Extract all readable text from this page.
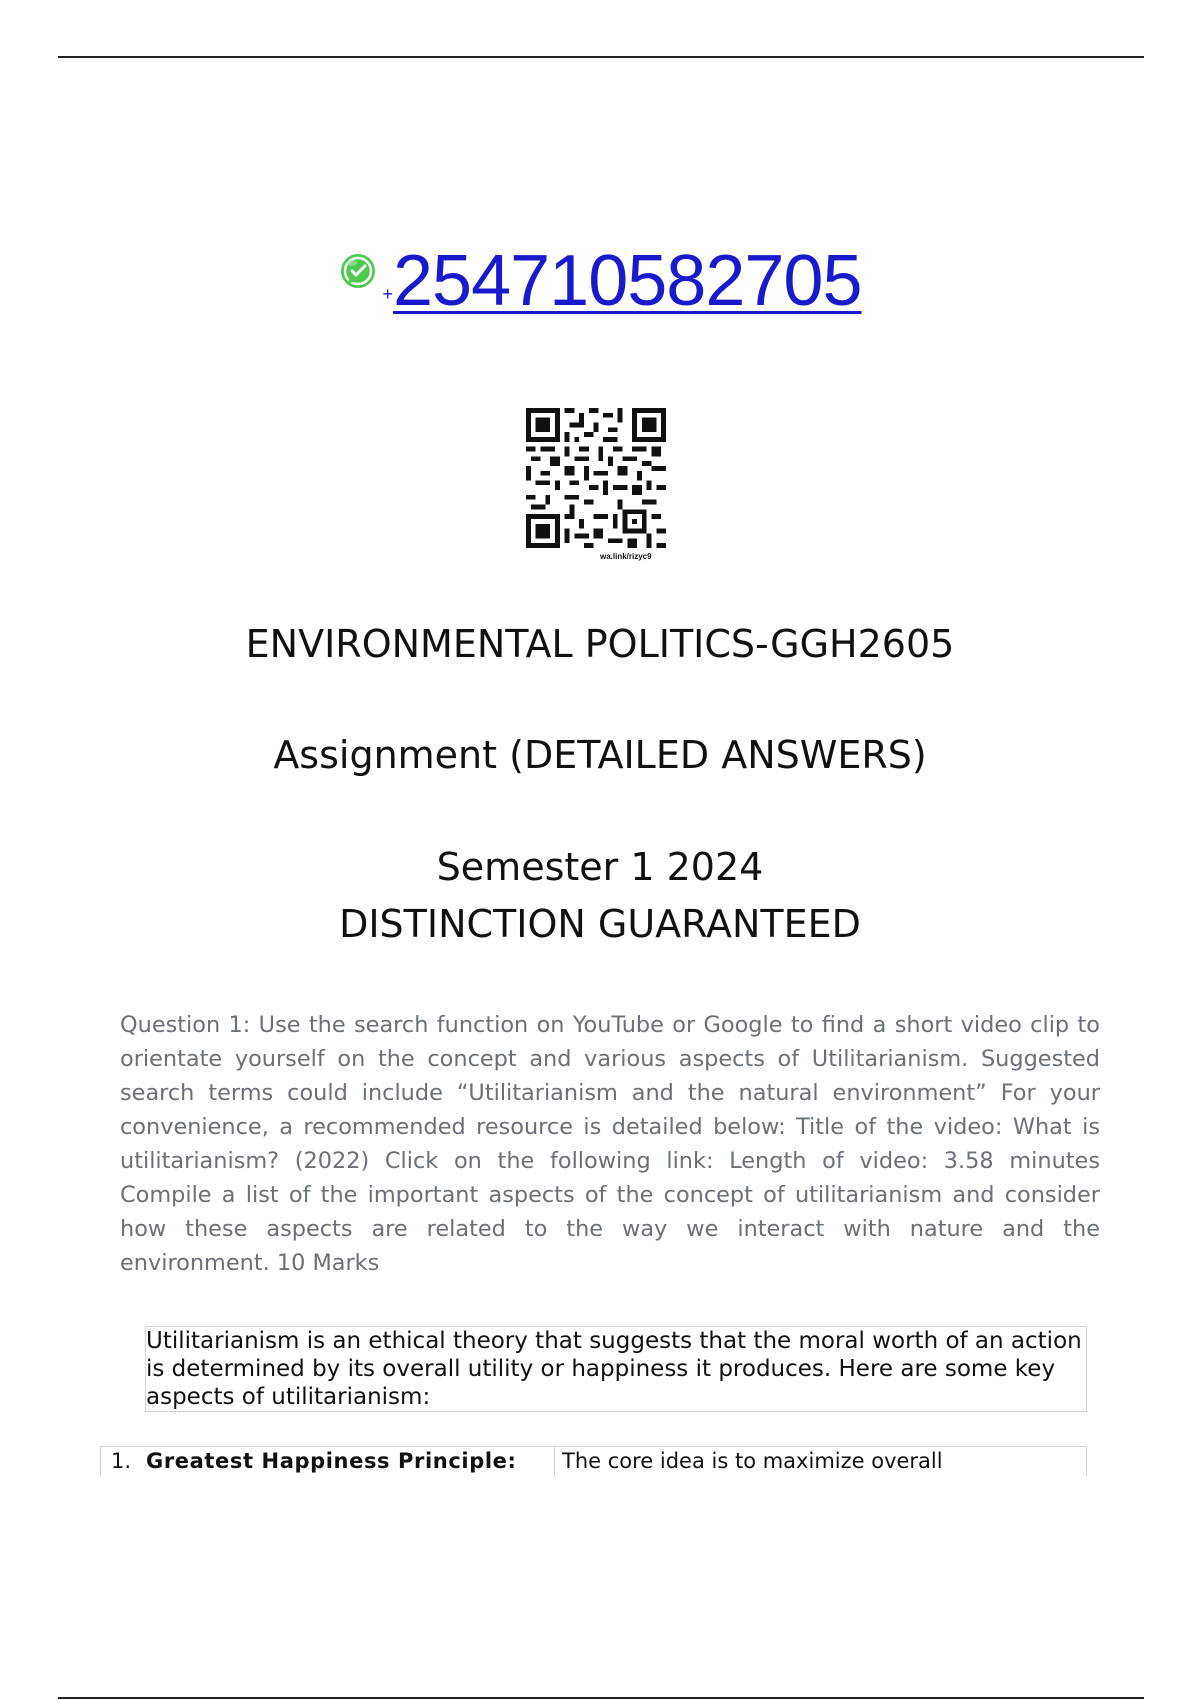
+ 254710582705
wa.link/rizyc9
ENVIRONMENTAL POLITICS-GGH2605
Assignment (DETAILED ANSWERS)
Semester 1 2024
DISTINCTION GUARANTEED

Question 1: Use the search function on YouTube or Google to find a short video clip to orientate yourself on the concept and various aspects of Utilitarianism. Suggested search terms could include “Utilitarianism and the natural environment” For your convenience, a recommended resource is detailed below: Title of the video: What is utilitarianism? (2022) Click on the following link: Length of video: 3.58 minutes Compile a list of the important aspects of the concept of utilitarianism and consider how these aspects are related to the way we interact with nature and the environment. 10 Marks

Utilitarianism is an ethical theory that suggests that the moral worth of an action is determined by its overall utility or happiness it produces. Here are some key aspects of utilitarianism:

1. Greatest Happiness Principle: The core idea is to maximize overall
